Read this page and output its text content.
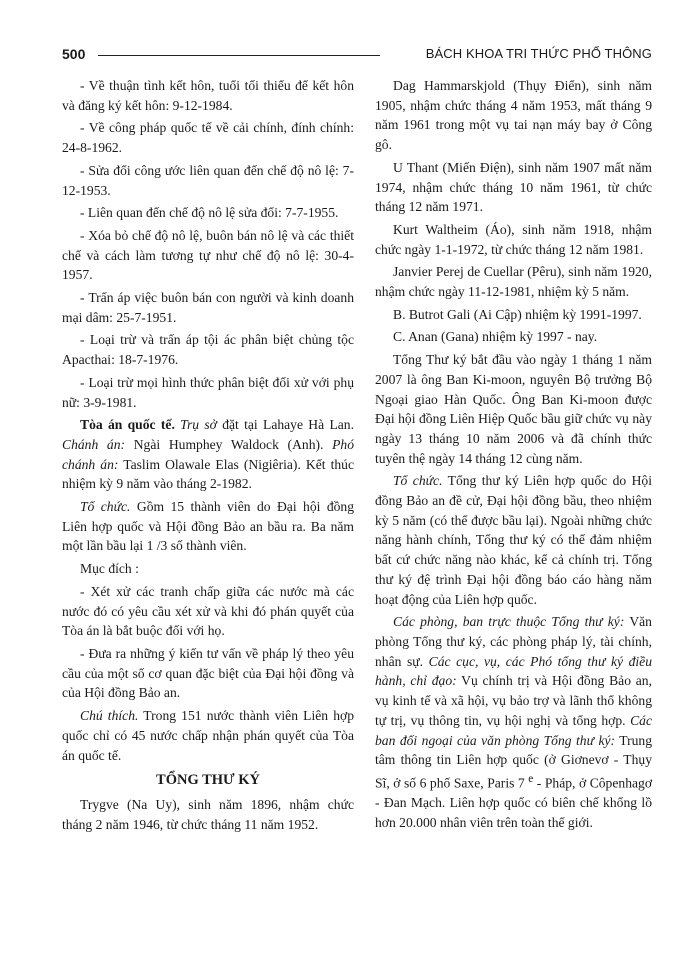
500	BÁCH KHOA TRI THỨC PHỔ THÔNG

- Về thuận tình kết hôn, tuổi tối thiểu để kết hôn và đăng ký kết hôn: 9-12-1984.

- Về công pháp quốc tế về cải chính, đính chính: 24-8-1962.

- Sửa đổi công ước liên quan đến chế độ nô lệ: 7-12-1953.

- Liên quan đến chế độ nô lệ sửa đổi: 7-7-1955.

- Xóa bỏ chế độ nô lệ, buôn bán nô lệ và các thiết chế và cách làm tương tự như chế độ nô lệ: 30-4-1957.

- Trấn áp việc buôn bán con người và kinh doanh mại dâm: 25-7-1951.

- Loại trừ và trấn áp tội ác phân biệt chủng tộc Apacthai: 18-7-1976.

- Loại trừ mọi hình thức phân biệt đối xử với phụ nữ: 3-9-1981.

Tòa án quốc tế. Trụ sở đặt tại Lahaye Hà Lan. Chánh án: Ngài Humphey Waldock (Anh). Phó chánh án: Taslim Olawale Elas (Nigiêria). Kết thúc nhiệm kỳ 9 năm vào tháng 2-1982.

Tổ chức. Gồm 15 thành viên do Đại hội đồng Liên hợp quốc và Hội đồng Bảo an bầu ra. Ba năm một lần bầu lại 1 /3 số thành viên.

Mục đích :

- Xét xử các tranh chấp giữa các nước mà các nước đó có yêu cầu xét xử và khi đó phán quyết của Tòa án là bắt buộc đối với họ.

- Đưa ra những ý kiến tư vấn về pháp lý theo yêu cầu của một số cơ quan đặc biệt của Đại hội đồng và của Hội đồng Bảo an.

Chú thích. Trong 151 nước thành viên Liên hợp quốc chỉ có 45 nước chấp nhận phán quyết của Tòa án quốc tế.

TỔNG THƯ KÝ

Trygve (Na Uy), sinh năm 1896, nhậm chức tháng 2 năm 1946, từ chức tháng 11 năm 1952.

Dag Hammarskjold (Thụy Điển), sinh năm 1905, nhậm chức tháng 4 năm 1953, mất tháng 9 năm 1961 trong một vụ tai nạn máy bay ở Công gô.

U Thant (Miến Điện), sinh năm 1907 mất năm 1974, nhậm chức tháng 10 năm 1961, từ chức tháng 12 năm 1971.

Kurt Waltheim (Áo), sinh năm 1918, nhậm chức ngày 1-1-1972, từ chức tháng 12 năm 1981.

Janvier Perej de Cuellar (Pêru), sinh năm 1920, nhậm chức ngày 11-12-1981, nhiệm kỳ 5 năm.

B. Butrot Gali (Ai Cập) nhiệm kỳ 1991-1997.

C. Anan (Gana) nhiệm kỳ 1997 - nay.

Tổng Thư ký bắt đầu vào ngày 1 tháng 1 năm 2007 là ông Ban Ki-moon, nguyên Bộ trưởng Bộ Ngoại giao Hàn Quốc. Ông Ban Ki-moon được Đại hội đồng Liên Hiệp Quốc bầu giữ chức vụ này ngày 13 tháng 10 năm 2006 và đã chính thức tuyên thệ ngày 14 tháng 12 cùng năm.

Tổ chức. Tổng thư ký Liên hợp quốc do Hội đồng Bảo an đề cử, Đại hội đồng bầu, theo nhiệm kỳ 5 năm (có thể được bầu lại). Ngoài những chức năng hành chính, Tổng thư ký có thể đảm nhiệm bất cứ chức năng nào khác, kể cả chính trị. Tổng thư ký đệ trình Đại hội đồng báo cáo hàng năm hoạt động của Liên hợp quốc.

Các phòng, ban trực thuộc Tổng thư ký: Văn phòng Tổng thư ký, các phòng pháp lý, tài chính, nhân sự. Các cục, vụ, các Phó tổng thư ký điều hành, chỉ đạo: Vụ chính trị và Hội đồng Bảo an, vụ kinh tế và xã hội, vụ bảo trợ và lãnh thổ không tự trị, vụ thông tin, vụ hội nghị và tổng hợp. Các ban đối ngoại của văn phòng Tổng thư ký: Trung tâm thông tin Liên hợp quốc (ở Giơnevơ - Thụy Sĩ, ở số 6 phố Saxe, Paris 7 $^e$ - Pháp, ở Côpenhagơ - Đan Mạch. Liên hợp quốc có biên chế khổng lồ hơn 20.000 nhân viên trên toàn thế giới.
